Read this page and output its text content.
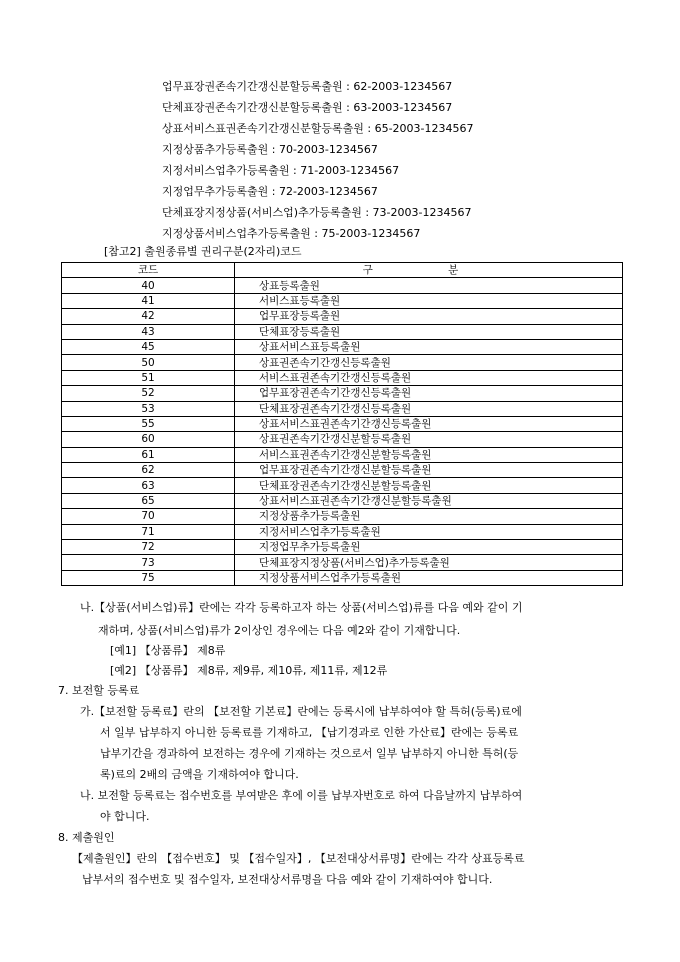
업무표장권존속기간갱신분할등록출원 : 62-2003-1234567
단체표장권존속기간갱신분할등록출원 : 63-2003-1234567
상표서비스표권존속기간갱신분할등록출원 : 65-2003-1234567
지정상품추가등록출원 : 70-2003-1234567
지정서비스업추가등록출원 : 71-2003-1234567
지정업무추가등록출원 : 72-2003-1234567
단체표장지정상품(서비스업)추가등록출원 : 73-2003-1234567
지정상품서비스업추가등록출원 : 75-2003-1234567
[참고2] 출원종류별 권리구분(2자리)코드
코드	구 분
40	상표등록출원
41	서비스표등록출원
42	업무표장등록출원
43	단체표장등록출원
45	상표서비스표등록출원
50	상표권존속기간갱신등록출원
51	서비스표권존속기간갱신등록출원
52	업무표장권존속기간갱신등록출원
53	단체표장권존속기간갱신등록출원
55	상표서비스표권존속기간갱신등록출원
60	상표권존속기간갱신분할등록출원
61	서비스표권존속기간갱신분할등록출원
62	업무표장권존속기간갱신분할등록출원
63	단체표장권존속기간갱신분할등록출원
65	상표서비스표권존속기간갱신분할등록출원
70	지정상품추가등록출원
71	지정서비스업추가등록출원
72	지정업무추가등록출원
73	단체표장지정상품(서비스업)추가등록출원
75	지정상품서비스업추가등록출원
나.【상품(서비스업)류】란에는 각각 등록하고자 하는 상품(서비스업)류를 다음 예와 같이 기
재하며, 상품(서비스업)류가 2이상인 경우에는 다음 예2와 같이 기재합니다.
[예1] 【상품류】 제8류
[예2] 【상품류】 제8류, 제9류, 제10류, 제11류, 제12류
7. 보전할 등록료
가.【보전할 등록료】란의 【보전할 기본료】란에는 등록시에 납부하여야 할 특허(등록)료에
서 일부 납부하지 아니한 등록료를 기재하고, 【납기경과로 인한 가산료】란에는 등록료
납부기간을 경과하여 보전하는 경우에 기재하는 것으로서 일부 납부하지 아니한 특허(등
록)료의 2배의 금액을 기재하여야 합니다.
나. 보전할 등록료는 접수번호를 부여받은 후에 이를 납부자번호로 하여 다음날까지 납부하여
야 합니다.
8. 제출원인
【제출원인】란의 【접수번호】 및 【접수일자】, 【보전대상서류명】란에는 각각 상표등록료
납부서의 접수번호 및 접수일자, 보전대상서류명을 다음 예와 같이 기재하여야 합니다.
